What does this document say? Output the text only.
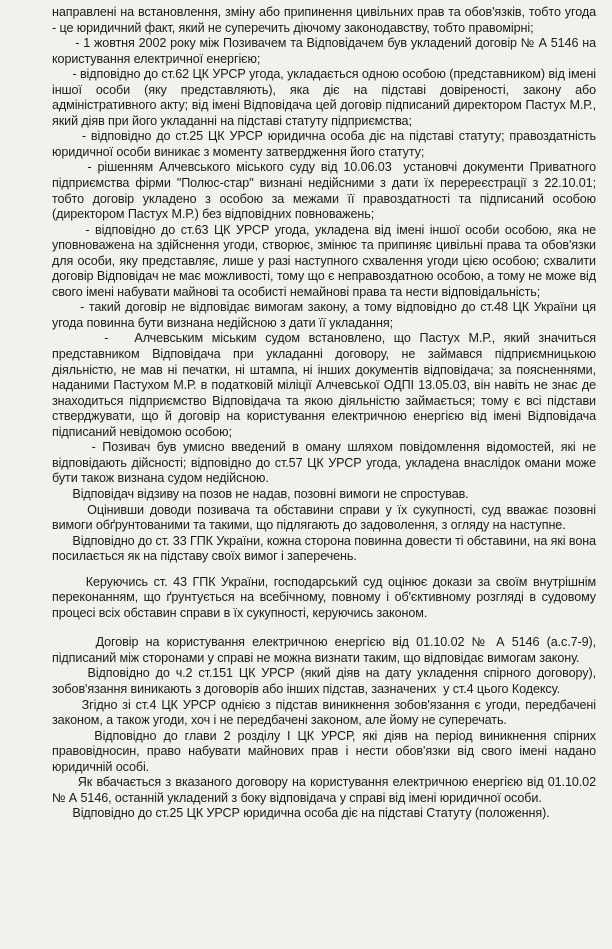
направлені на встановлення, зміну або припинення цивільних прав та обов'язків, тобто угода - це юридичний факт, який не суперечить діючому законодавству, тобто правомірні;

- 1 жовтня 2002 року між Позивачем та Відповідачем був укладений договір № А 5146 на користування електричної енергією;

- відповідно до ст.62 ЦК УРСР угода, укладається одною особою (представником) від імені іншої особи (яку представляють), яка діє на підставі довіреності, закону або адміністративного акту; від імені Відповідача цей договір підписаний директором Пастух М.Р., який діяв при його укладанні на підставі статуту підприємства;

- відповідно до ст.25 ЦК УРСР юридична особа діє на підставі статуту; правоздатність юридичної особи виникає з моменту затвердження його статуту;

- рішенням Алчевського міського суду від 10.06.03  установчі документи Приватного підприємства фірми "Полюс-стар" визнані недійсними з дати їх перереєстрації з 22.10.01; тобто договір укладено з особою за межами її правоздатності та підписаний особою (директором Пастух М.Р.) без відповідних повноважень;

- відповідно до ст.63 ЦК УРСР угода, укладена від імені іншої особи особою, яка не уповноважена на здійснення угоди, створює, змінює та припиняє цивільні права та обов'язки для особи, яку представляє, лише у разі наступного схвалення угоди цією особою; схвалити договір Відповідач не має можливості, тому що є неправоздатною особою, а тому не може від свого імені набувати майнові та особисті немайнові права та нести відповідальність;

- такий договір не відповідає вимогам закону, а тому відповідно до ст.48 ЦК України ця угода повинна бути визнана недійсною з дати її укладання;

-   Алчевським міським судом встановлено, що Пастух М.Р., який значиться представником Відповідача при укладанні договору, не займався підприємницькою діяльністю, не мав ні печатки, ні штампа, ні інших документів відповідача; за поясненнями, наданими Пастухом М.Р. в податковій міліції Алчевської ОДПІ 13.05.03, він навіть не знає де знаходиться підприємство Відповідача та якою діяльністю займається; тому є всі підстави стверджувати, що й договір на користування електричною енергією від імені Відповідача підписаний невідомою особою;

- Позивач був умисно введений в оману шляхом повідомлення відомостей, які не відповідають дійсності; відповідно до ст.57 ЦК УРСР угода, укладена внаслідок омани може бути також визнана судом недійсною.

Відповідач відзиву на позов не надав, позовні вимоги не спростував.

Оцінивши доводи позивача та обставини справи у їх сукупності, суд вважає позовні вимоги обґрунтованими та такими, що підлягають до задоволення, з огляду на наступне.

Відповідно до ст. 33 ГПК України, кожна сторона повинна довести ті обставини, на які вона посилається як на підставу своїх вимог і заперечень.

Керуючись ст. 43 ГПК України, господарський суд оцінює докази за своїм внутрішнім переконанням, що ґрунтується на всебічному, повному і об'єктивному розгляді в судовому процесі всіх обставин справи в їх сукупності, керуючись законом.

Договір на користування електричною енергією від 01.10.02 № А 5146 (а.с.7-9), підписаний між сторонами у справі не можна визнати таким, що відповідає вимогам закону.

Відповідно до ч.2 ст.151 ЦК УРСР (який діяв на дату укладення спірного договору), зобов'язання виникають з договорів або інших підстав, зазначених  у ст.4 цього Кодексу.

Згідно зі ст.4 ЦК УРСР однією з підстав виникнення зобов'язання є угоди, передбачені законом, а також угоди, хоч і не передбачені законом, але йому не суперечать.

Відповідно до глави 2 розділу І ЦК УРСР, які діяв на період виникнення спірних правовідносин, право набувати майнових прав і нести обов'язки від свого імені надано юридичній особі.

Як вбачається з вказаного договору на користування електричною енергією від 01.10.02 № А 5146, останній укладений з боку відповідача у справі від імені юридичної особи.

Відповідно до ст.25 ЦК УРСР юридична особа діє на підставі Статуту (положення).
